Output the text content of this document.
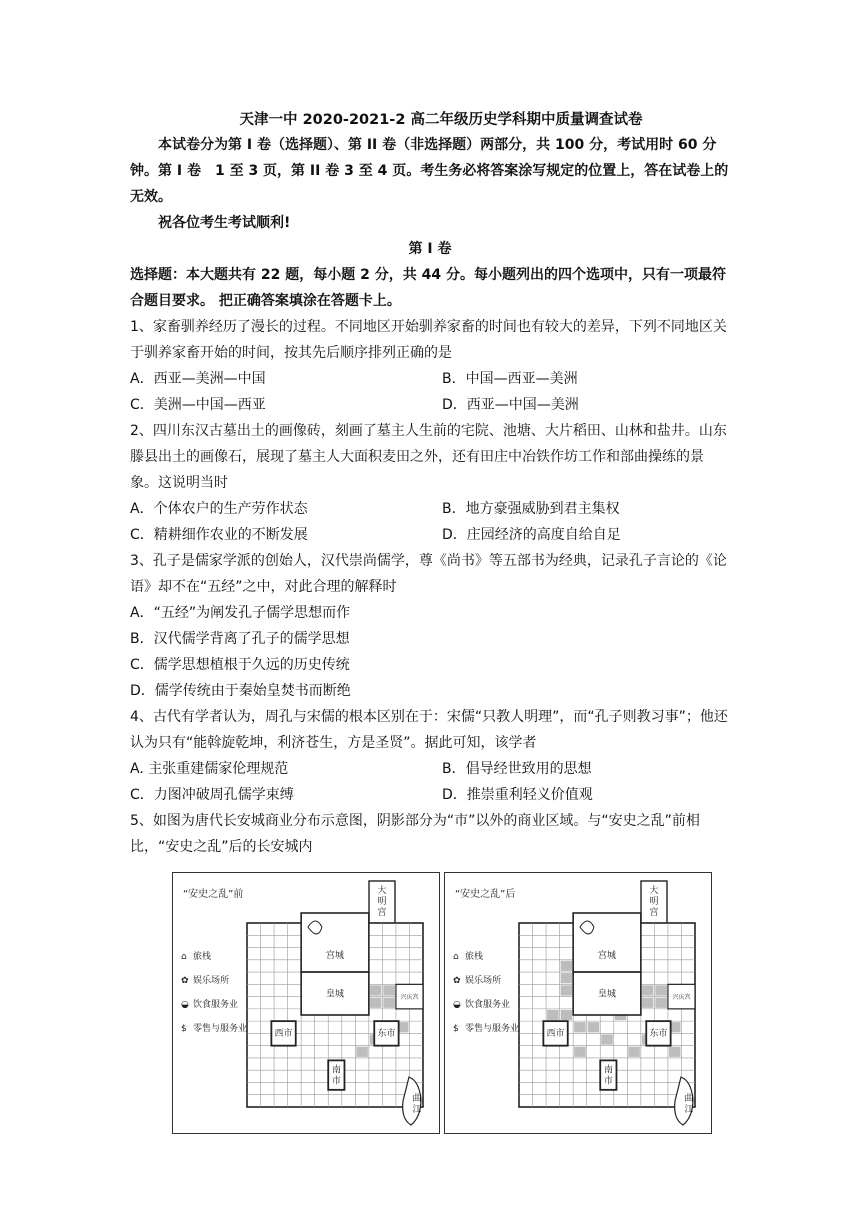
天津一中 2020-2021-2 高二年级历史学科期中质量调查试卷
本试卷分为第 I 卷（选择题）、第 II 卷（非选择题）两部分，共 100 分，考试用时 60 分钟。第 I 卷　1 至 3 页，第 II 卷 3 至 4 页。考生务必将答案涂写规定的位置上，答在试卷上的无效。
祝各位考生考试顺利!
第 I 卷
选择题：本大题共有 22 题，每小题 2 分，共 44 分。每小题列出的四个选项中，只有一项最符合题目要求。 把正确答案填涂在答题卡上。
1、家畜驯养经历了漫长的过程。不同地区开始驯养家畜的时间也有较大的差异，下列不同地区关于驯养家畜开始的时间，按其先后顺序排列正确的是
A．西亚—美洲—中国	B．中国—西亚—美洲
C．美洲—中国—西亚	D．西亚—中国—美洲
2、四川东汉古墓出土的画像砖，刻画了墓主人生前的宅院、池塘、大片稻田、山林和盐井。山东滕县出土的画像石，展现了墓主人大面积麦田之外，还有田庄中冶铁作坊工作和部曲操练的景象。这说明当时
A．个体农户的生产劳作状态	B．地方豪强威胁到君主集权
C．精耕细作农业的不断发展	D．庄园经济的高度自给自足
3、孔子是儒家学派的创始人，汉代崇尚儒学，尊《尚书》等五部书为经典，记录孔子言论的《论语》却不在“五经”之中，对此合理的解释时
A．“五经”为阐发孔子儒学思想而作
B．汉代儒学背离了孔子的儒学思想
C．儒学思想植根于久远的历史传统
D．儒学传统由于秦始皇焚书而断绝
4、古代有学者认为，周孔与宋儒的根本区别在于：宋儒“只教人明理”，而“孔子则教习事”；他还认为只有“能斡旋乾坤，利济苍生，方是圣贤”。据此可知，该学者
A. 主张重建儒家伦理规范	B．倡导经世致用的思想
C．力图冲破周孔儒学束缚	D．推崇重利轻义价值观
5、如图为唐代长安城商业分布示意图，阴影部分为“市”以外的商业区域。与“安史之乱”前相比，“安史之乱”后的长安城内
“安史之乱”前	大
明
宫
宫城
皇城	兴庆宫
西市	东市
南
市
曲
江
⌂ 旅栈
✿ 娱乐场所
◒ 饮食服务业
$ 零售与服务业
“安史之乱”后	大
明
宫
宫城
皇城	兴庆宫
西市	东市
南
市
曲
江
⌂ 旅栈
✿ 娱乐场所
◒ 饮食服务业
$ 零售与服务业
